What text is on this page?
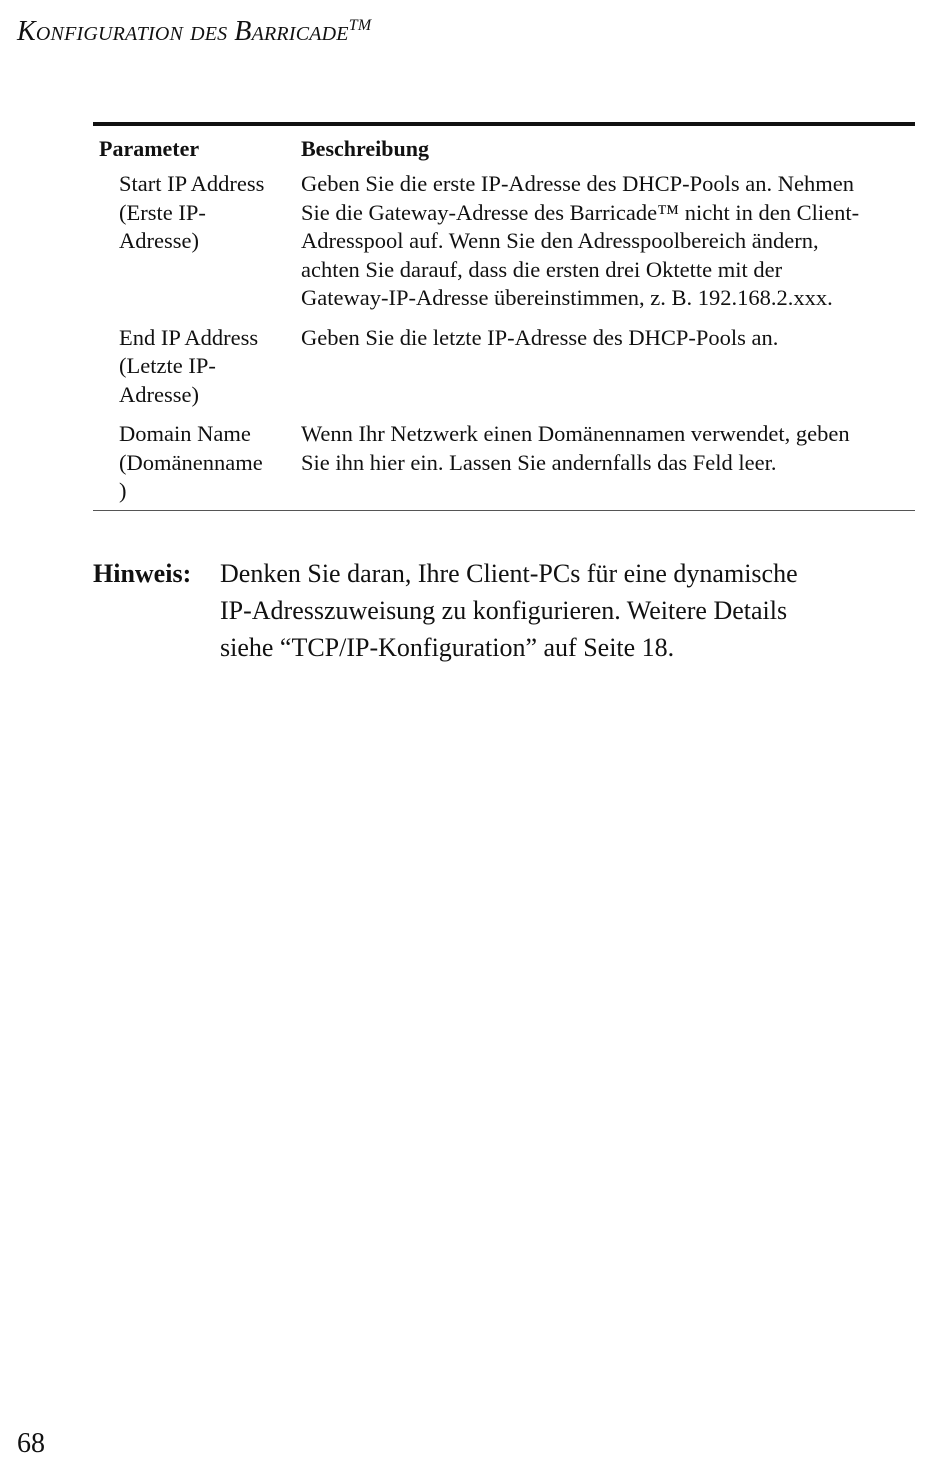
KONFIGURATION DES BARRICADE™
Parameter	Beschreibung
Start IP Address
(Erste IP-
Adresse)
Geben Sie die erste IP-Adresse des DHCP-Pools an. Nehmen
Sie die Gateway-Adresse des Barricade™ nicht in den Client-
Adresspool auf. Wenn Sie den Adresspoolbereich ändern,
achten Sie darauf, dass die ersten drei Oktette mit der
Gateway-IP-Adresse übereinstimmen, z. B. 192.168.2.xxx.
End IP Address
(Letzte IP-
Adresse)
Geben Sie die letzte IP-Adresse des DHCP-Pools an.
Domain Name
(Domänenname
)
Wenn Ihr Netzwerk einen Domänennamen verwendet, geben
Sie ihn hier ein. Lassen Sie andernfalls das Feld leer.
Hinweis: Denken Sie daran, Ihre Client-PCs für eine dynamische
IP-Adresszuweisung zu konfigurieren. Weitere Details
siehe “TCP/IP-Konfiguration” auf Seite 18.
68
